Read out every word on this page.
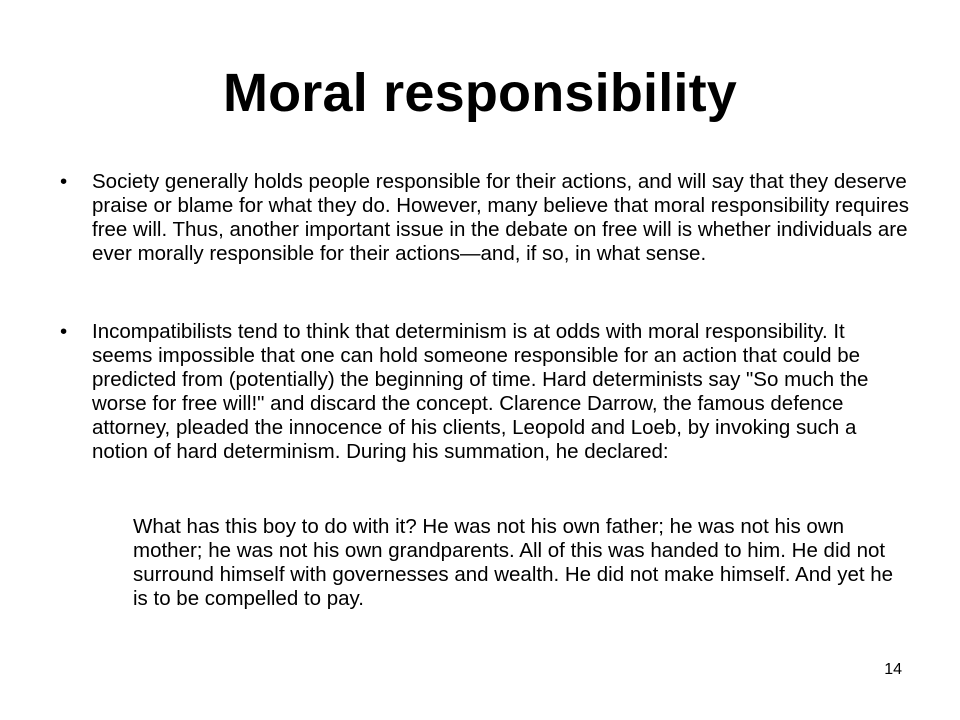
Moral responsibility
•	Society generally holds people responsible for their actions, and will say that they deserve praise or blame for what they do. However, many believe that moral responsibility requires free will. Thus, another important issue in the debate on free will is whether individuals are ever morally responsible for their actions—and, if so, in what sense.
•	Incompatibilists tend to think that determinism is at odds with moral responsibility. It seems impossible that one can hold someone responsible for an action that could be predicted from (potentially) the beginning of time. Hard determinists say "So much the worse for free will!" and discard the concept. Clarence Darrow, the famous defence attorney, pleaded the innocence of his clients, Leopold and Loeb, by invoking such a notion of hard determinism. During his summation, he declared:
What has this boy to do with it? He was not his own father; he was not his own mother; he was not his own grandparents. All of this was handed to him. He did not surround himself with governesses and wealth. He did not make himself. And yet he is to be compelled to pay.
14
